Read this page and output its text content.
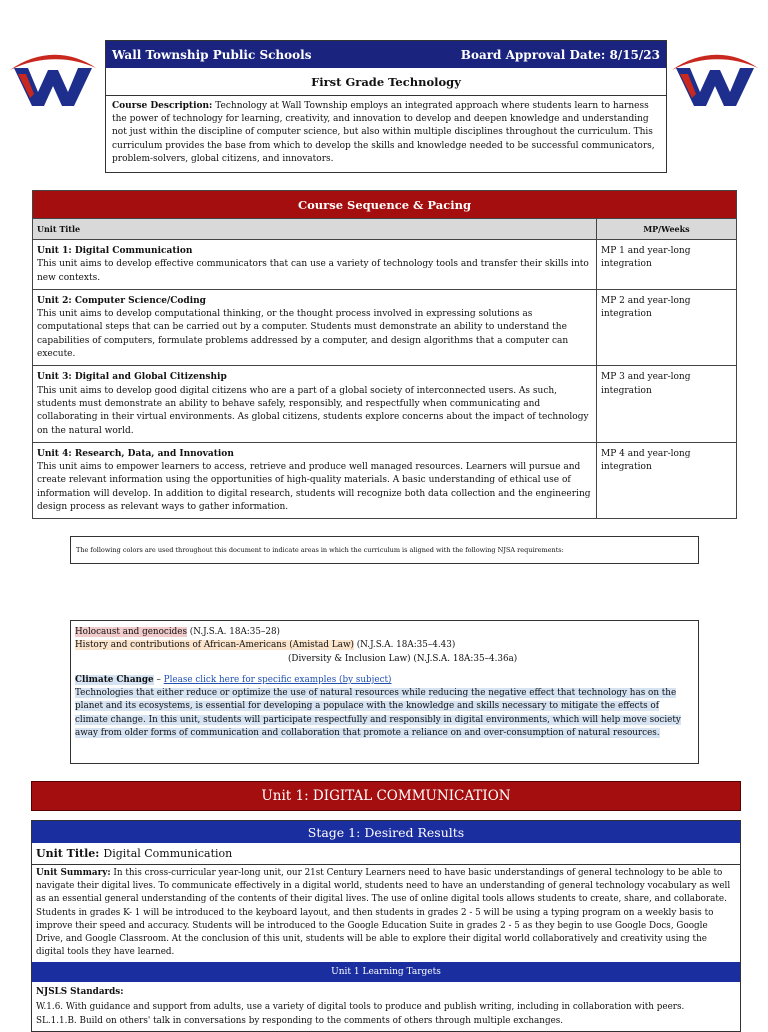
Wall Township Public Schools	Board Approval Date: 8/15/23
First Grade Technology
Course Description: Technology at Wall Township employs an integrated approach where students learn to harness the power of technology for learning, creativity, and innovation to develop and deepen knowledge and understanding not just within the discipline of computer science, but also within multiple disciplines throughout the curriculum. This curriculum provides the base from which to develop the skills and knowledge needed to be successful communicators, problem-solvers, global citizens, and innovators.
Course Sequence & Pacing	
Unit Title	MP/Weeks

Unit 1: Digital Communication
This unit aims to develop effective communicators that can use a variety of technology tools and transfer their skills into new contexts.	MP 1 and year-long integration

Unit 2: Computer Science/Coding
This unit aims to develop computational thinking, or the thought process involved in expressing solutions as computational steps that can be carried out by a computer. Students must demonstrate an ability to understand the capabilities of computers, formulate problems addressed by a computer, and design algorithms that a computer can execute.	MP 2 and year-long integration

Unit 3: Digital and Global Citizenship
This unit aims to develop good digital citizens who are a part of a global society of interconnected users. As such, students must demonstrate an ability to behave safely, responsibly, and respectfully when communicating and collaborating in their virtual environments. As global citizens, students explore concerns about the impact of technology on the natural world.	MP 3 and year-long integration

Unit 4: Research, Data, and Innovation
This unit aims to empower learners to access, retrieve and produce well managed resources. Learners will pursue and create relevant information using the opportunities of high-quality materials. A basic understanding of ethical use of information will develop. In addition to digital research, students will recognize both data collection and the engineering design process as relevant ways to gather information.	MP 4 and year-long integration
The following colors are used throughout this document to indicate areas in which the curriculum is aligned with the following NJSA requirements:
Holocaust and genocides (N.J.S.A. 18A:35–28)
History and contributions of African-Americans (Amistad Law) (N.J.S.A. 18A:35–4.43)
(Diversity & Inclusion Law) (N.J.S.A. 18A:35–4.36a)
Climate Change – Please click here for specific examples (by subject)
Technologies that either reduce or optimize the use of natural resources while reducing the negative effect that technology has on the planet and its ecosystems, is essential for developing a populace with the knowledge and skills necessary to mitigate the effects of climate change. In this unit, students will participate respectfully and responsibly in digital environments, which will help move society away from older forms of communication and collaboration that promote a reliance on and over-consumption of natural resources.
Unit 1: DIGITAL COMMUNICATION
Stage 1: Desired Results
Unit Title: Digital Communication
Unit Summary: In this cross-curricular year-long unit, our 21st Century Learners need to have basic understandings of general technology to be able to navigate their digital lives. To communicate effectively in a digital world, students need to have an understanding of general technology vocabulary as well as an essential general understanding of the contents of their digital lives. The use of online digital tools allows students to create, share, and collaborate. Students in grades K- 1 will be introduced to the keyboard layout, and then students in grades 2 - 5 will be using a typing program on a weekly basis to improve their speed and accuracy. Students will be introduced to the Google Education Suite in grades 2 - 5 as they begin to use Google Docs, Google Drive, and Google Classroom. At the conclusion of this unit, students will be able to explore their digital world collaboratively and creativity using the digital tools they have learned.
Unit 1 Learning Targets
NJSLS Standards:
W.1.6. With guidance and support from adults, use a variety of digital tools to produce and publish writing, including in collaboration with peers.
SL.1.1.B. Build on others' talk in conversations by responding to the comments of others through multiple exchanges.
